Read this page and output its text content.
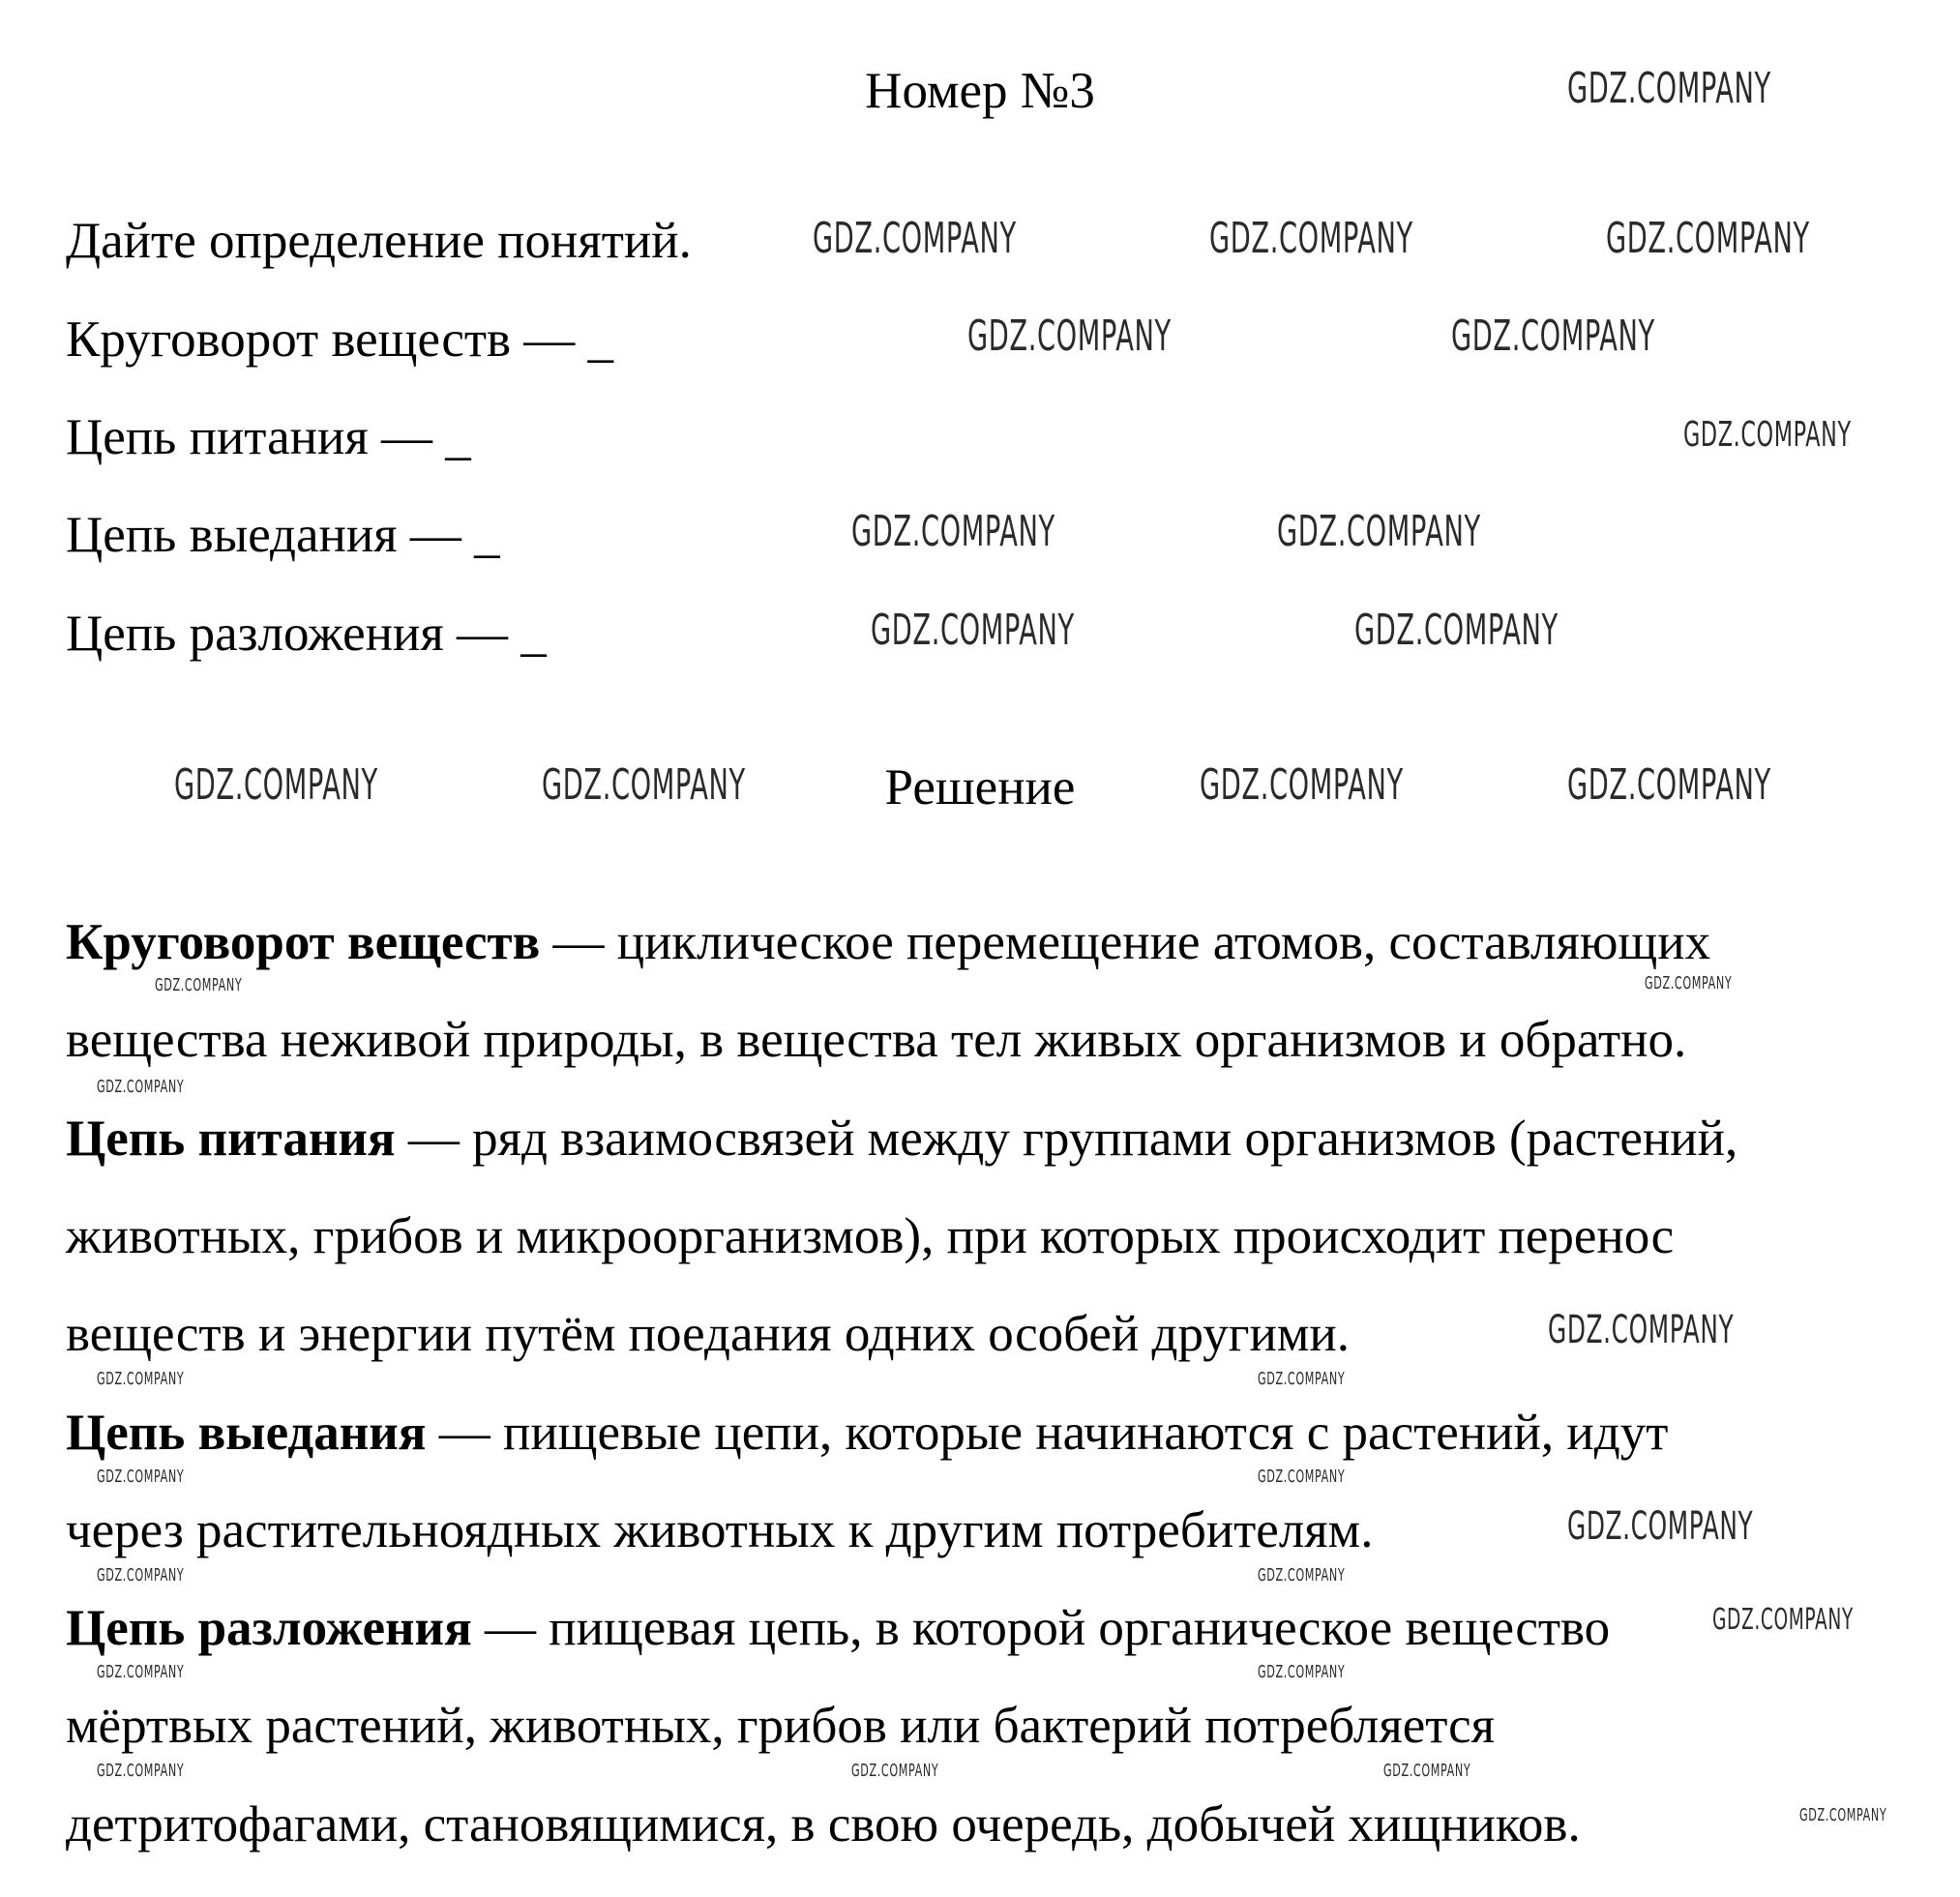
Номер №3
Дайте определение понятий.
Круговорот веществ — _
Цепь питания — _
Цепь выедания — _
Цепь разложения — _
Решение
Круговорот веществ — циклическое перемещение атомов, составляющих
вещества неживой природы, в вещества тел живых организмов и обратно.
Цепь питания — ряд взаимосвязей между группами организмов (растений,
животных, грибов и микроорганизмов), при которых происходит перенос
веществ и энергии путём поедания одних особей другими.
Цепь выедания — пищевые цепи, которые начинаются с растений, идут
через растительноядных животных к другим потребителям.
Цепь разложения — пищевая цепь, в которой органическое вещество
мёртвых растений, животных, грибов или бактерий потребляется
детритофагами, становящимися, в свою очередь, добычей хищников.
GDZ.COMPANY
GDZ.COMPANY	GDZ.COMPANY	GDZ.COMPANY
GDZ.COMPANY	GDZ.COMPANY
GDZ.COMPANY
GDZ.COMPANY	GDZ.COMPANY
GDZ.COMPANY	GDZ.COMPANY
GDZ.COMPANY	GDZ.COMPANY	GDZ.COMPANY	GDZ.COMPANY
GDZ.COMPANY	GDZ.COMPANY
GDZ.COMPANY
GDZ.COMPANY
GDZ.COMPANY	GDZ.COMPANY
GDZ.COMPANY	GDZ.COMPANY
GDZ.COMPANY
GDZ.COMPANY	GDZ.COMPANY
GDZ.COMPANY
GDZ.COMPANY	GDZ.COMPANY
GDZ.COMPANY	GDZ.COMPANY	GDZ.COMPANY
GDZ.COMPANY
